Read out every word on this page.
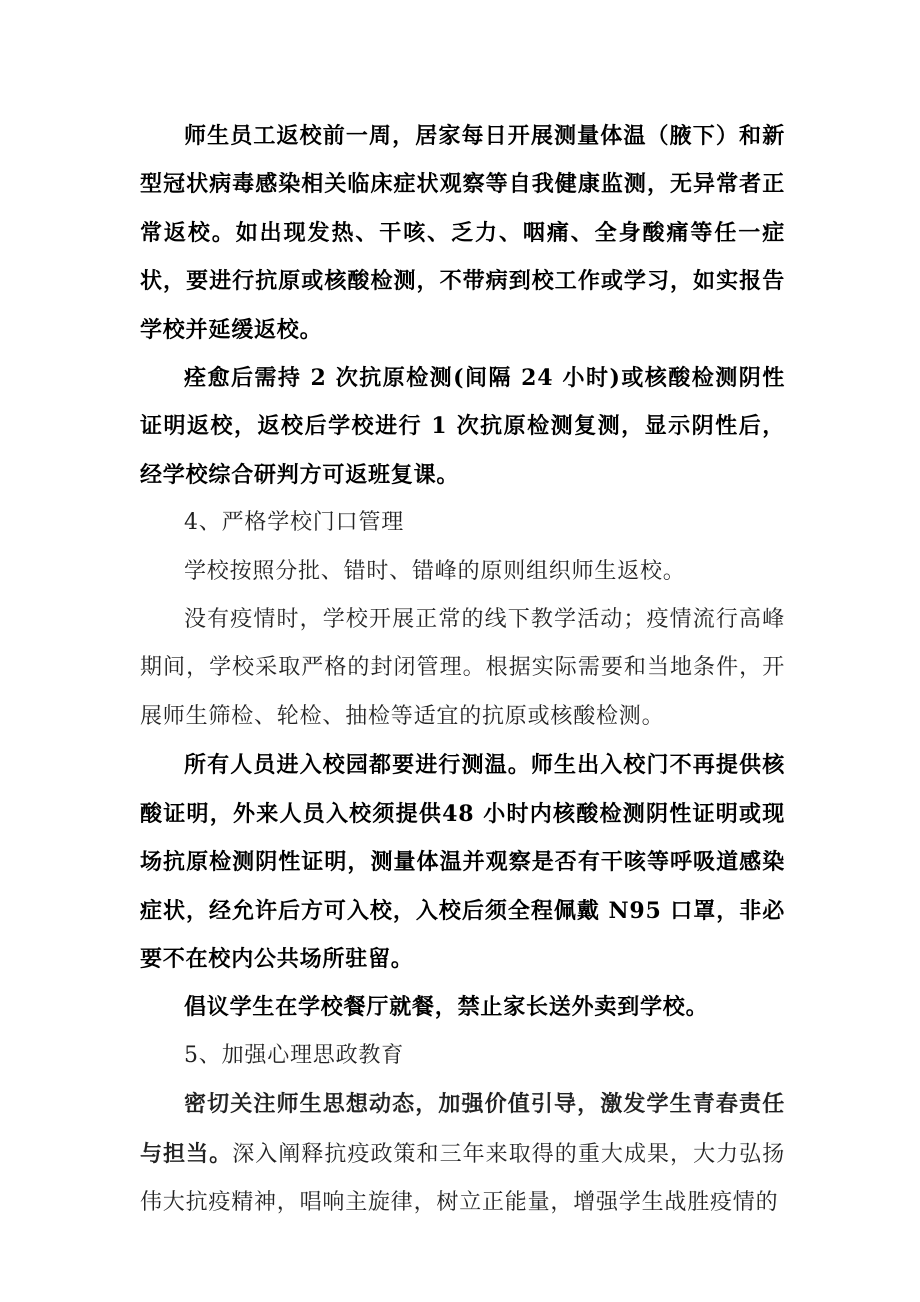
师生员工返校前一周，居家每日开展测量体温（腋下）和新型冠状病毒感染相关临床症状观察等自我健康监测，无异常者正常返校。如出现发热、干咳、乏力、咽痛、全身酸痛等任一症状，要进行抗原或核酸检测，不带病到校工作或学习，如实报告学校并延缓返校。

痊愈后需持 2 次抗原检测(间隔 24 小时)或核酸检测阴性证明返校，返校后学校进行 1 次抗原检测复测，显示阴性后，经学校综合研判方可返班复课。

4、严格学校门口管理

学校按照分批、错时、错峰的原则组织师生返校。

没有疫情时，学校开展正常的线下教学活动；疫情流行高峰期间，学校采取严格的封闭管理。根据实际需要和当地条件，开展师生筛检、轮检、抽检等适宜的抗原或核酸检测。

所有人员进入校园都要进行测温。师生出入校门不再提供核酸证明，外来人员入校须提供48 小时内核酸检测阴性证明或现场抗原检测阴性证明，测量体温并观察是否有干咳等呼吸道感染症状，经允许后方可入校，入校后须全程佩戴 N95 口罩，非必要不在校内公共场所驻留。

倡议学生在学校餐厅就餐，禁止家长送外卖到学校。

5、加强心理思政教育

密切关注师生思想动态，加强价值引导，激发学生青春责任与担当。深入阐释抗疫政策和三年来取得的重大成果，大力弘扬伟大抗疫精神，唱响主旋律，树立正能量，增强学生战胜疫情的
